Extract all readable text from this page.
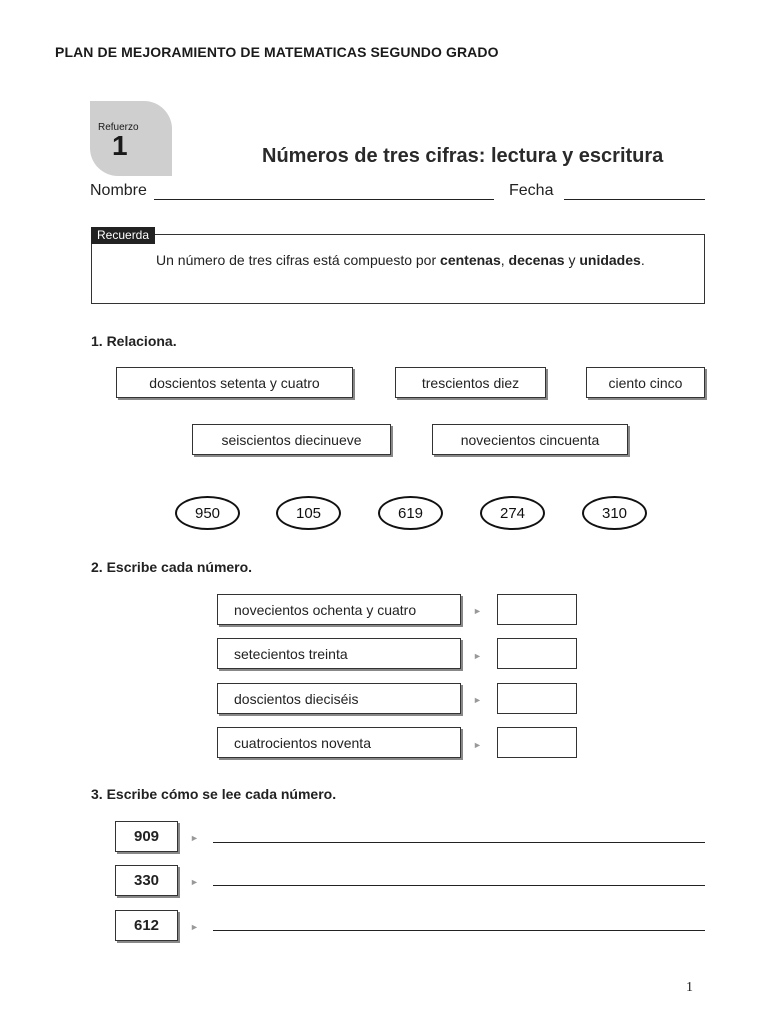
PLAN DE MEJORAMIENTO DE MATEMATICAS SEGUNDO GRADO
Refuerzo
1	Números de tres cifras: lectura y escritura
Nombre	Fecha
Recuerda
Un número de tres cifras está compuesto por centenas, decenas y unidades.
1. Relaciona.
doscientos setenta y cuatro	trescientos diez	ciento cinco
seiscientos diecinueve	novecientos cincuenta
950	105	619	274	310
2. Escribe cada número.
novecientos ochenta y cuatro	►
setecientos treinta	►
doscientos dieciséis	►
cuatrocientos noventa	►
3. Escribe cómo se lee cada número.
909	►
330	►
612	►
1
